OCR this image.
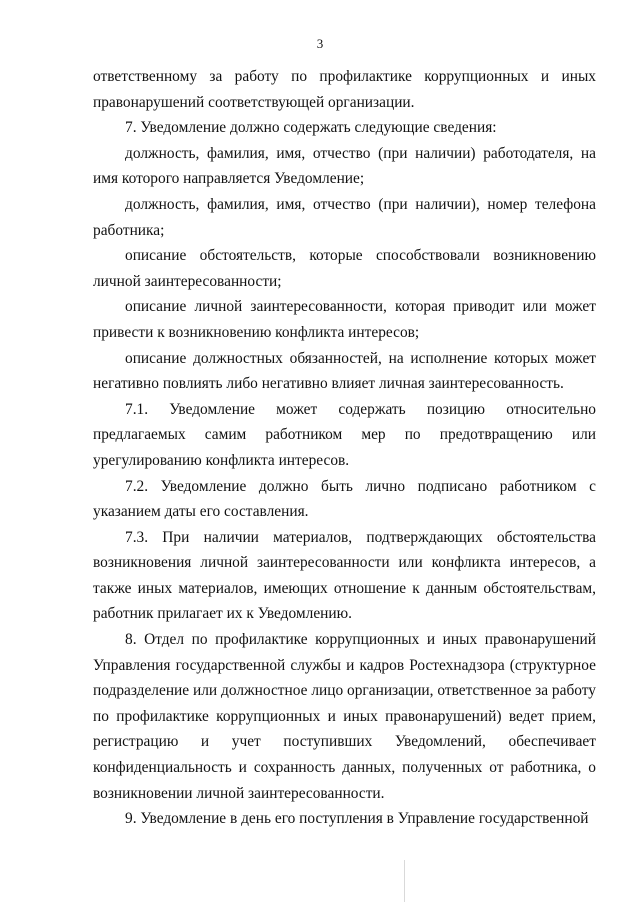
3

ответственному за работу по профилактике коррупционных и иных правонарушений соответствующей организации.

7. Уведомление должно содержать следующие сведения:

должность, фамилия, имя, отчество (при наличии) работодателя, на имя которого направляется Уведомление;

должность, фамилия, имя, отчество (при наличии), номер телефона работника;

описание обстоятельств, которые способствовали возникновению личной заинтересованности;

описание личной заинтересованности, которая приводит или может привести к возникновению конфликта интересов;

описание должностных обязанностей, на исполнение которых может негативно повлиять либо негативно влияет личная заинтересованность.

7.1. Уведомление может содержать позицию относительно предлагаемых самим работником мер по предотвращению или урегулированию конфликта интересов.

7.2. Уведомление должно быть лично подписано работником с указанием даты его составления.

7.3. При наличии материалов, подтверждающих обстоятельства возникновения личной заинтересованности или конфликта интересов, а также иных материалов, имеющих отношение к данным обстоятельствам, работник прилагает их к Уведомлению.

8. Отдел по профилактике коррупционных и иных правонарушений Управления государственной службы и кадров Ростехнадзора (структурное подразделение или должностное лицо организации, ответственное за работу по профилактике коррупционных и иных правонарушений) ведет прием, регистрацию и учет поступивших Уведомлений, обеспечивает конфиденциальность и сохранность данных, полученных от работника, о возникновении личной заинтересованности.

9. Уведомление в день его поступления в Управление государственной
